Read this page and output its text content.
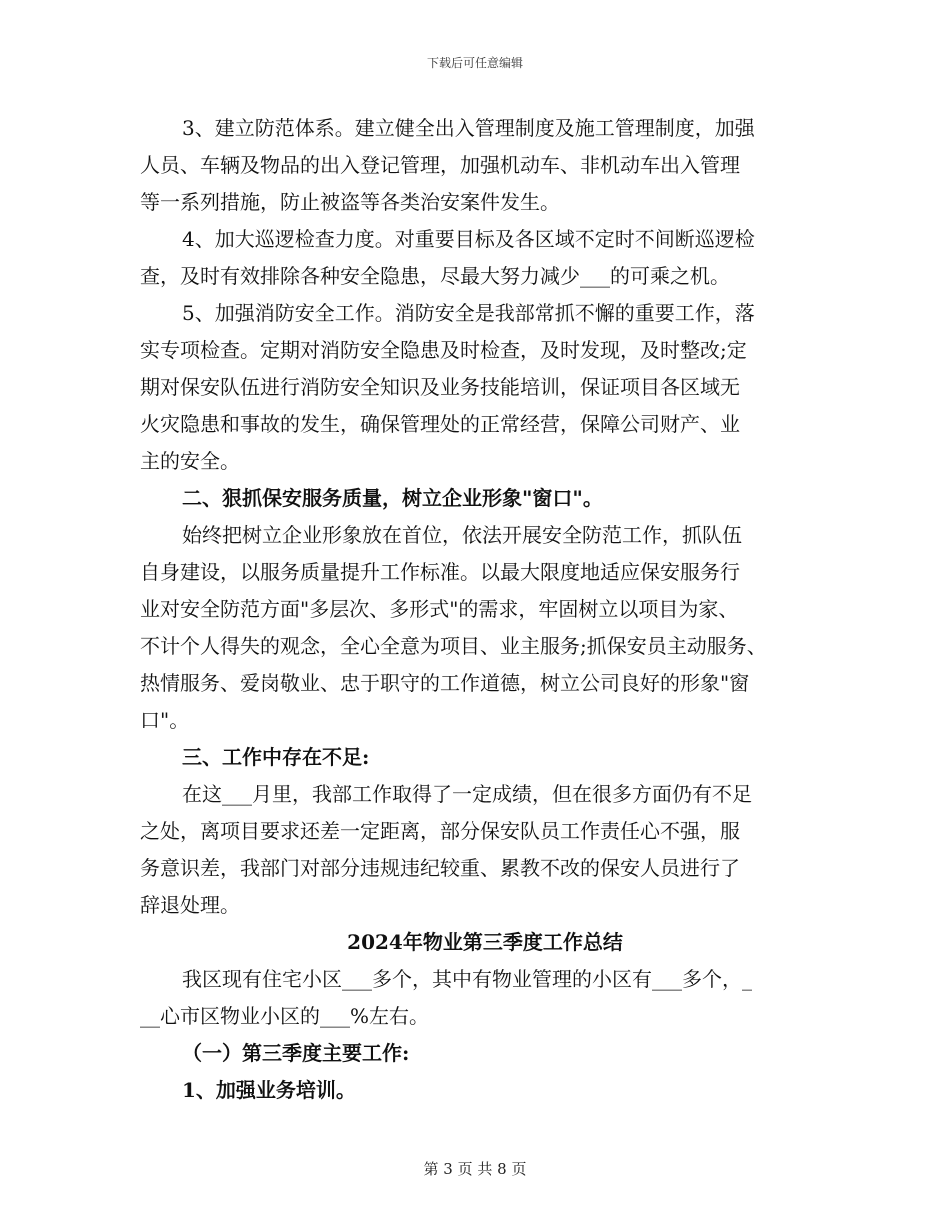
下载后可任意编辑
3、建立防范体系。建立健全出入管理制度及施工管理制度，加强
人员、车辆及物品的出入登记管理，加强机动车、非机动车出入管理
等一系列措施，防止被盗等各类治安案件发生。
4、加大巡逻检查力度。对重要目标及各区域不定时不间断巡逻检
查，及时有效排除各种安全隐患，尽最大努力减少___的可乘之机。
5、加强消防安全工作。消防安全是我部常抓不懈的重要工作，落
实专项检查。定期对消防安全隐患及时检查，及时发现，及时整改;定
期对保安队伍进行消防安全知识及业务技能培训，保证项目各区域无
火灾隐患和事故的发生，确保管理处的正常经营，保障公司财产、业
主的安全。
二、狠抓保安服务质量，树立企业形象"窗口"。
始终把树立企业形象放在首位，依法开展安全防范工作，抓队伍
自身建设，以服务质量提升工作标准。以最大限度地适应保安服务行
业对安全防范方面"多层次、多形式"的需求，牢固树立以项目为家、
不计个人得失的观念，全心全意为项目、业主服务;抓保安员主动服务、
热情服务、爱岗敬业、忠于职守的工作道德，树立公司良好的形象"窗
口"。
三、工作中存在不足:
在这___月里，我部工作取得了一定成绩，但在很多方面仍有不足
之处，离项目要求还差一定距离，部分保安队员工作责任心不强，服
务意识差，我部门对部分违规违纪较重、累教不改的保安人员进行了
辞退处理。
2024年物业第三季度工作总结
我区现有住宅小区___多个，其中有物业管理的小区有___多个，_
__心市区物业小区的___%左右。
（一）第三季度主要工作:
1、加强业务培训。
第 3 页 共 8 页
